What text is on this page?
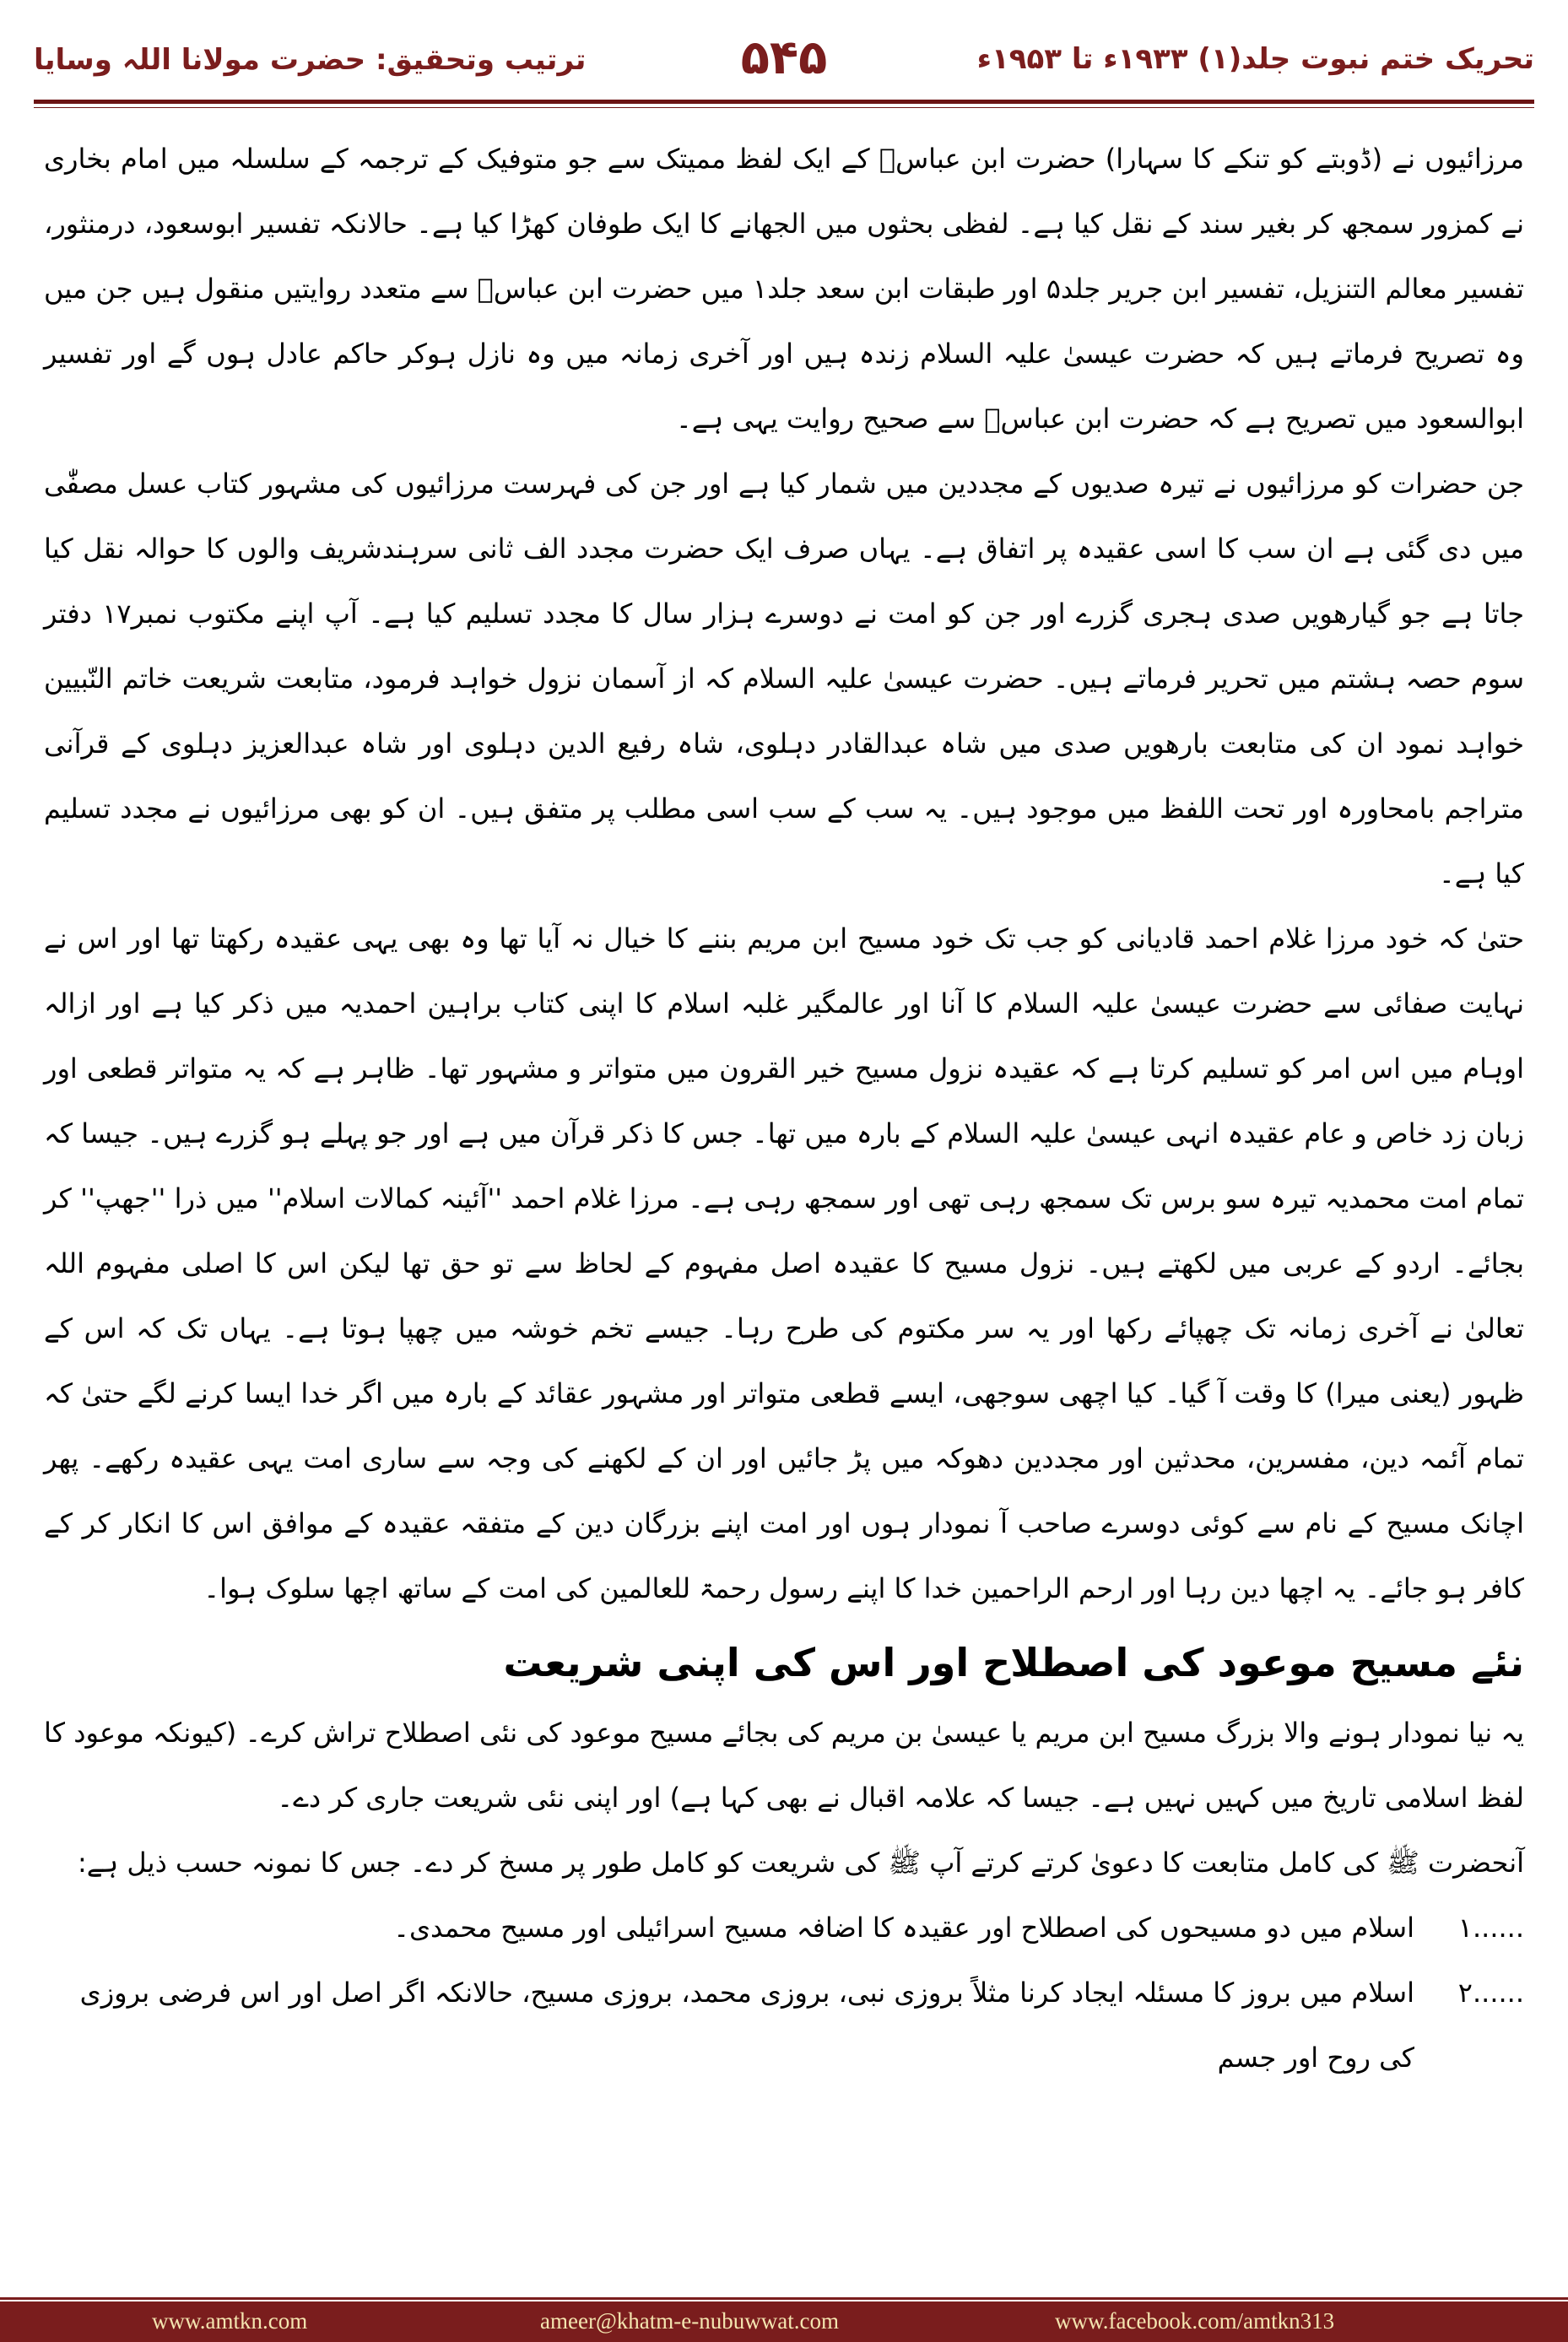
تحریک ختم نبوت جلد(۱) ۱۹۳۳ء تا ۱۹۵۳ء
۵۴۵
ترتیب وتحقیق: حضرت مولانا اللہ وسایا

مرزائیوں نے (ڈوبتے کو تنکے کا سہارا) حضرت ابن عباسؓ کے ایک لفظ ممیتک سے جو متوفیک کے ترجمہ کے سلسلہ میں امام بخاری نے کمزور سمجھ کر بغیر سند کے نقل کیا ہے۔ لفظی بحثوں میں الجھانے کا ایک طوفان کھڑا کیا ہے۔ حالانکہ تفسیر ابوسعود، درمنثور، تفسیر معالم التنزیل، تفسیر ابن جریر جلد۵ اور طبقات ابن سعد جلد۱ میں حضرت ابن عباسؓ سے متعدد روایتیں منقول ہیں جن میں وہ تصریح فرماتے ہیں کہ حضرت عیسیٰ علیہ السلام زندہ ہیں اور آخری زمانہ میں وہ نازل ہوکر حاکم عادل ہوں گے اور تفسیر ابوالسعود میں تصریح ہے کہ حضرت ابن عباسؓ سے صحیح روایت یہی ہے۔

جن حضرات کو مرزائیوں نے تیرہ صدیوں کے مجددین میں شمار کیا ہے اور جن کی فہرست مرزائیوں کی مشہور کتاب عسل مصفّٰی میں دی گئی ہے ان سب کا اسی عقیدہ پر اتفاق ہے۔ یہاں صرف ایک حضرت مجدد الف ثانی سرہندشریف والوں کا حوالہ نقل کیا جاتا ہے جو گیارھویں صدی ہجری گزرے اور جن کو امت نے دوسرے ہزار سال کا مجدد تسلیم کیا ہے۔ آپ اپنے مکتوب نمبر۱۷ دفتر سوم حصہ ہشتم میں تحریر فرماتے ہیں۔ حضرت عیسیٰ علیہ السلام کہ از آسمان نزول خواہد فرمود، متابعت شریعت خاتم النّبیین خواہد نمود ان کی متابعت بارھویں صدی میں شاہ عبدالقادر دہلوی، شاہ رفیع الدین دہلوی اور شاہ عبدالعزیز دہلوی کے قرآنی متراجم بامحاورہ اور تحت اللفظ میں موجود ہیں۔ یہ سب کے سب اسی مطلب پر متفق ہیں۔ ان کو بھی مرزائیوں نے مجدد تسلیم کیا ہے۔

حتیٰ کہ خود مرزا غلام احمد قادیانی کو جب تک خود مسیح ابن مریم بننے کا خیال نہ آیا تھا وہ بھی یہی عقیدہ رکھتا تھا اور اس نے نہایت صفائی سے حضرت عیسیٰ علیہ السلام کا آنا اور عالمگیر غلبہ اسلام کا اپنی کتاب براہین احمدیہ میں ذکر کیا ہے اور ازالہ اوہام میں اس امر کو تسلیم کرتا ہے کہ عقیدہ نزول مسیح خیر القرون میں متواتر و مشہور تھا۔ ظاہر ہے کہ یہ متواتر قطعی اور زبان زد خاص و عام عقیدہ انہی عیسیٰ علیہ السلام کے بارہ میں تھا۔ جس کا ذکر قرآن میں ہے اور جو پہلے ہو گزرے ہیں۔ جیسا کہ تمام امت محمدیہ تیرہ سو برس تک سمجھ رہی تھی اور سمجھ رہی ہے۔ مرزا غلام احمد ''آئینہ کمالات اسلام'' میں ذرا ''جھپ'' کر بجائے۔ اردو کے عربی میں لکھتے ہیں۔ نزول مسیح کا عقیدہ اصل مفہوم کے لحاظ سے تو حق تھا لیکن اس کا اصلی مفہوم اللہ تعالیٰ نے آخری زمانہ تک چھپائے رکھا اور یہ سر مکتوم کی طرح رہا۔ جیسے تخم خوشہ میں چھپا ہوتا ہے۔ یہاں تک کہ اس کے ظہور (یعنی میرا) کا وقت آ گیا۔ کیا اچھی سوجھی، ایسے قطعی متواتر اور مشہور عقائد کے بارہ میں اگر خدا ایسا کرنے لگے حتیٰ کہ تمام آئمہ دین، مفسرین، محدثین اور مجددین دھوکہ میں پڑ جائیں اور ان کے لکھنے کی وجہ سے ساری امت یہی عقیدہ رکھے۔ پھر اچانک مسیح کے نام سے کوئی دوسرے صاحب آ نمودار ہوں اور امت اپنے بزرگان دین کے متفقہ عقیدہ کے موافق اس کا انکار کر کے کافر ہو جائے۔ یہ اچھا دین رہا اور ارحم الراحمین خدا کا اپنے رسول رحمۃ للعالمین کی امت کے ساتھ اچھا سلوک ہوا۔

نئے مسیح موعود کی اصطلاح اور اس کی اپنی شریعت

یہ نیا نمودار ہونے والا بزرگ مسیح ابن مریم یا عیسیٰ بن مریم کی بجائے مسیح موعود کی نئی اصطلاح تراش کرے۔ (کیونکہ موعود کا لفظ اسلامی تاریخ میں کہیں نہیں ہے۔ جیسا کہ علامہ اقبال نے بھی کہا ہے) اور اپنی نئی شریعت جاری کر دے۔

آنحضرت ﷺ کی کامل متابعت کا دعویٰ کرتے کرتے آپ ﷺ کی شریعت کو کامل طور پر مسخ کر دے۔ جس کا نمونہ حسب ذیل ہے:

۱......
اسلام میں دو مسیحوں کی اصطلاح اور عقیدہ کا اضافہ مسیح اسرائیلی اور مسیح محمدی۔
۲......
اسلام میں بروز کا مسئلہ ایجاد کرنا مثلاً بروزی نبی، بروزی محمد، بروزی مسیح، حالانکہ اگر اصل اور اس فرضی بروزی کی روح اور جسم
www.amtkn.com	ameer@khatm-e-nubuwwat.com	www.facebook.com/amtkn313
